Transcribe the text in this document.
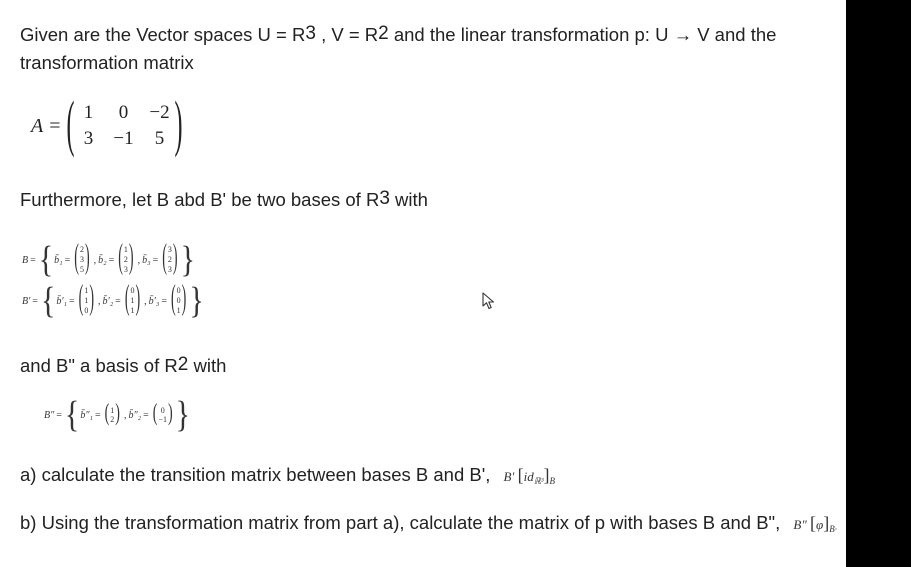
Given are the Vector spaces $U = R^3$ , $V = R^2$ and the linear transformation p: U → V and the
transformation matrix
A = ( 1	0	−2
3	−1	5 )
Furthermore, let B abd B' be two bases of $R^3$ with
B = { b̄₁ = ( 2
3
5 ) , b̄₂ = ( 1
2
3 ) , b̄₃ = ( 3
2
3 ) }
B′ = { b̄′₁ = ( 1
1
0 ) , b̄′₂ = ( 0
1
1 ) , b̄′₃ = ( 0
0
1 ) }
and B" a basis of $R^2$ with
B″ = { b̄″₁ = ( 1
2 ) , b̄″₂ = ( 0
−1 ) }
a) calculate the transition matrix between bases B and B', B′ $[id_{ℝ^3}]_B$
b) Using the transformation matrix from part a), calculate the matrix of p with bases B and B", B″ $[\varphi]_{B\cdot}$
